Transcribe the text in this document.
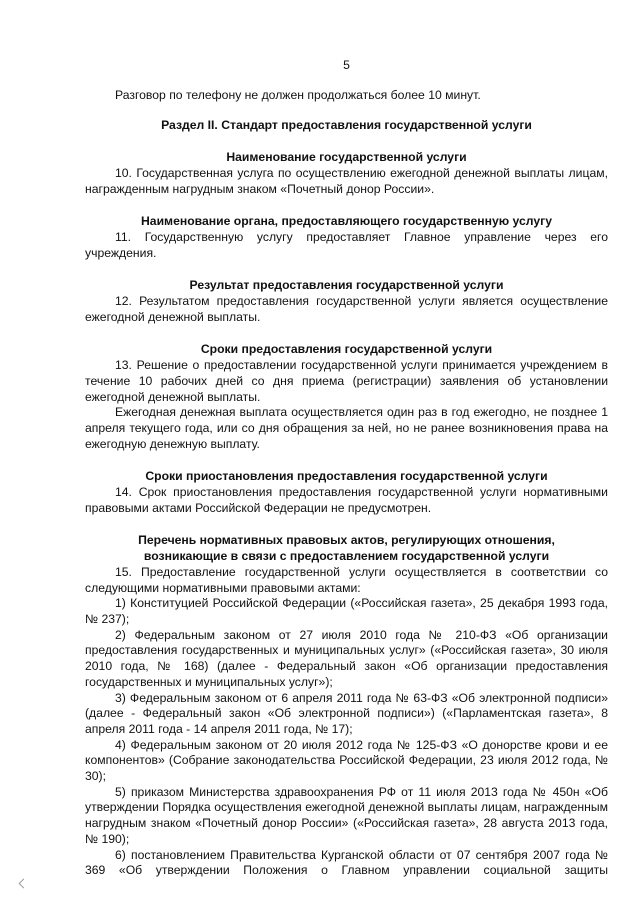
5

Разговор по телефону не должен продолжаться более 10 минут.

Раздел II. Стандарт предоставления государственной услуги
Наименование государственной услуги

10. Государственная услуга по осуществлению ежегодной денежной выплаты лицам, награжденным нагрудным знаком «Почетный донор России».

Наименование органа, предоставляющего государственную услугу

11. Государственную услугу предоставляет Главное управление через его учреждения.

Результат предоставления государственной услуги

12. Результатом предоставления государственной услуги является осуществление ежегодной денежной выплаты.

Сроки предоставления государственной услуги

13. Решение о предоставлении государственной услуги принимается учреждением в течение 10 рабочих дней со дня приема (регистрации) заявления об установлении ежегодной денежной выплаты.

Ежегодная денежная выплата осуществляется один раз в год ежегодно, не позднее 1 апреля текущего года, или со дня обращения за ней, но не ранее возникновения права на ежегодную денежную выплату.

Сроки приостановления предоставления государственной услуги

14. Срок приостановления предоставления государственной услуги нормативными правовыми актами Российской Федерации не предусмотрен.

Перечень нормативных правовых актов, регулирующих отношения,
возникающие в связи с предоставлением государственной услуги

15. Предоставление государственной услуги осуществляется в соответствии со следующими нормативными правовыми актами:

1) Конституцией Российской Федерации («Российская газета», 25 декабря 1993 года, № 237);

2) Федеральным законом от 27 июля 2010 года № 210-ФЗ «Об организации предоставления государственных и муниципальных услуг» («Российская газета», 30 июля 2010 года, № 168) (далее - Федеральный закон «Об организации предоставления государственных и муниципальных услуг»);

3) Федеральным законом от 6 апреля 2011 года № 63-ФЗ «Об электронной подписи» (далее - Федеральный закон «Об электронной подписи») («Парламентская газета», 8 апреля 2011 года - 14 апреля 2011 года, № 17);

4) Федеральным законом от 20 июля 2012 года № 125-ФЗ «О донорстве крови и ее компонентов» (Собрание законодательства Российской Федерации, 23 июля 2012 года, № 30);

5) приказом Министерства здравоохранения РФ от 11 июля 2013 года № 450н «Об утверждении Порядка осуществления ежегодной денежной выплаты лицам, награжденным нагрудным знаком «Почетный донор России» («Российская газета», 28 августа 2013 года, № 190);

6) постановлением Правительства Курганской области от 07 сентября 2007 года № 369 «Об утверждении Положения о Главном управлении социальной защиты
